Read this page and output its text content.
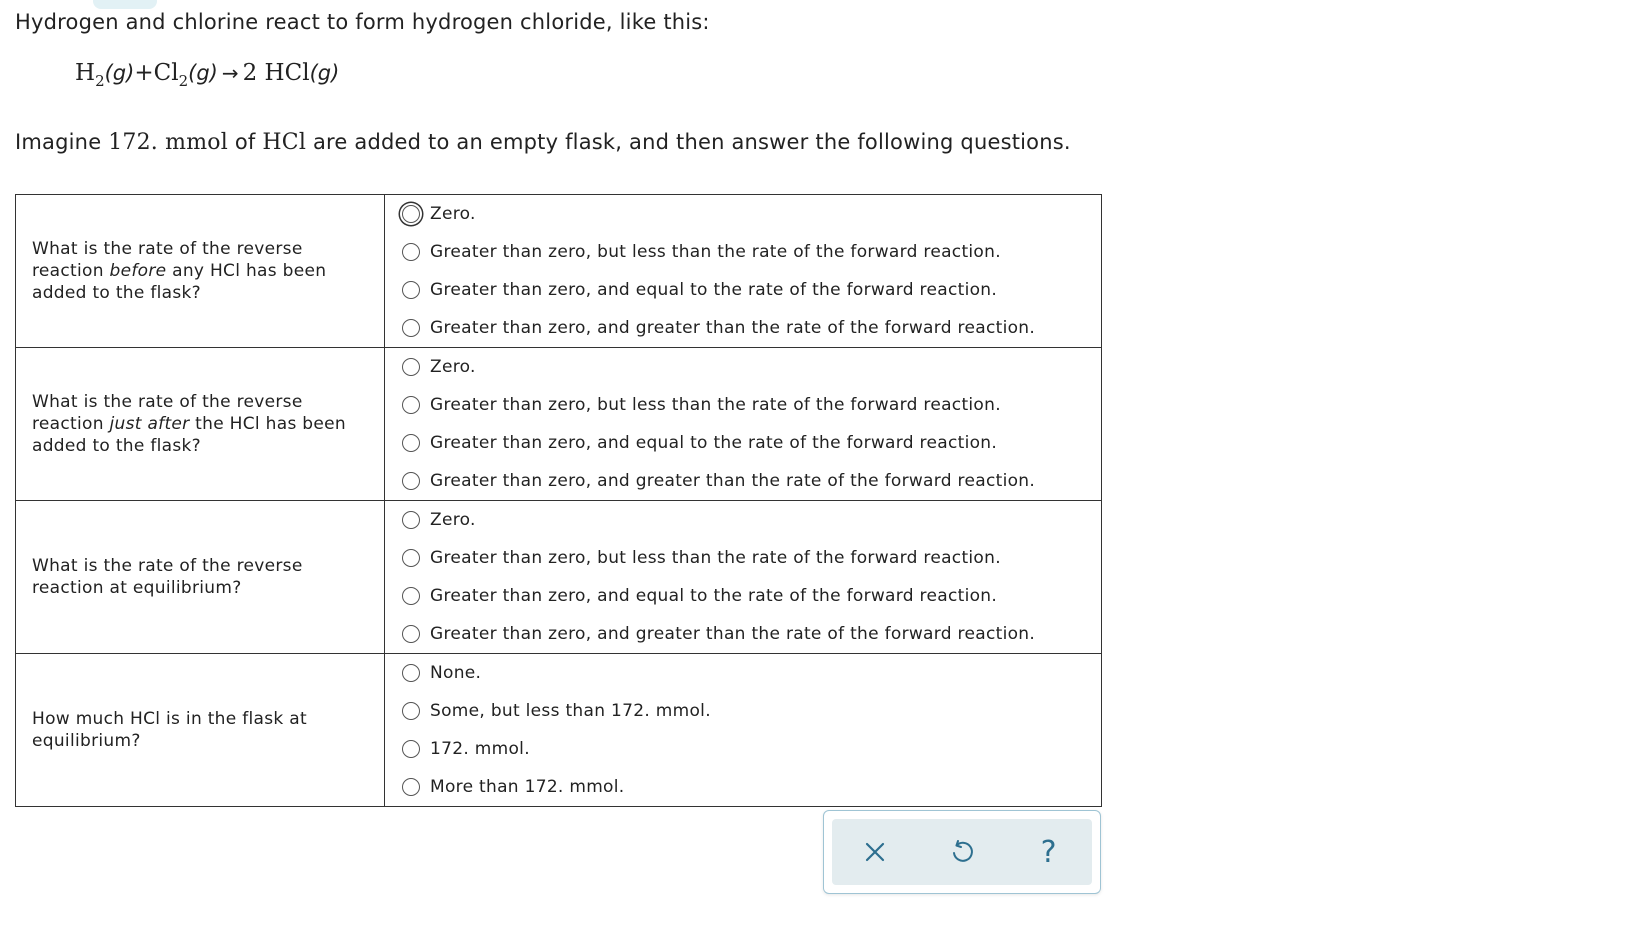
Hydrogen and chlorine react to form hydrogen chloride, like this:
$H_2(g)+Cl_2(g) \to 2$ HCl(g)
Imagine 172. mmol of HCl are added to an empty flask, and then answer the following questions.
What is the rate of the reverse reaction before any HCl has been added to the flask?	Zero.
Greater than zero, but less than the rate of the forward reaction.
Greater than zero, and equal to the rate of the forward reaction.
Greater than zero, and greater than the rate of the forward reaction.

What is the rate of the reverse reaction just after the HCl has been added to the flask?	Zero.
Greater than zero, but less than the rate of the forward reaction.
Greater than zero, and equal to the rate of the forward reaction.
Greater than zero, and greater than the rate of the forward reaction.

What is the rate of the reverse reaction at equilibrium?	Zero.
Greater than zero, but less than the rate of the forward reaction.
Greater than zero, and equal to the rate of the forward reaction.
Greater than zero, and greater than the rate of the forward reaction.

How much HCl is in the flask at equilibrium?	None.
Some, but less than 172. mmol.
172. mmol.
More than 172. mmol.
?
